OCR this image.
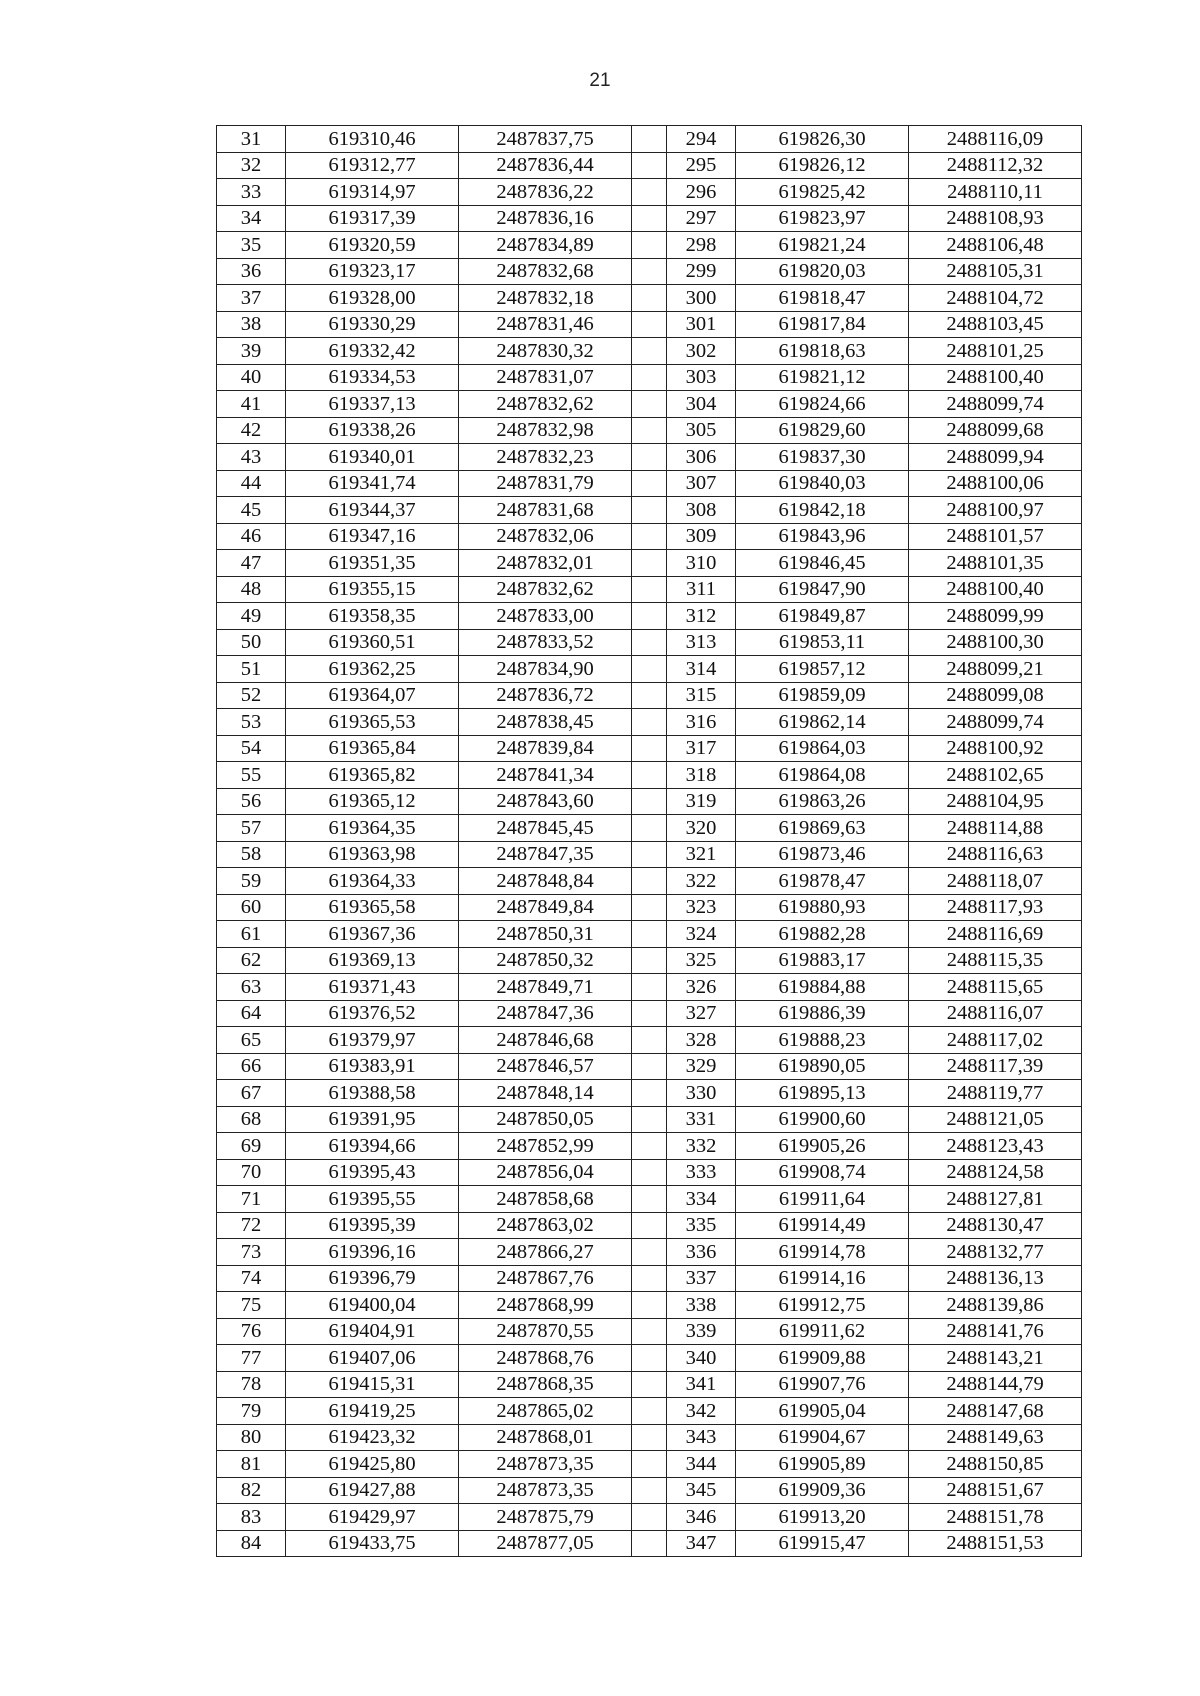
21
31	619310,46	2487837,75		294	619826,30	2488116,09
32	619312,77	2487836,44		295	619826,12	2488112,32
33	619314,97	2487836,22		296	619825,42	2488110,11
34	619317,39	2487836,16		297	619823,97	2488108,93
35	619320,59	2487834,89		298	619821,24	2488106,48
36	619323,17	2487832,68		299	619820,03	2488105,31
37	619328,00	2487832,18		300	619818,47	2488104,72
38	619330,29	2487831,46		301	619817,84	2488103,45
39	619332,42	2487830,32		302	619818,63	2488101,25
40	619334,53	2487831,07		303	619821,12	2488100,40
41	619337,13	2487832,62		304	619824,66	2488099,74
42	619338,26	2487832,98		305	619829,60	2488099,68
43	619340,01	2487832,23		306	619837,30	2488099,94
44	619341,74	2487831,79		307	619840,03	2488100,06
45	619344,37	2487831,68		308	619842,18	2488100,97
46	619347,16	2487832,06		309	619843,96	2488101,57
47	619351,35	2487832,01		310	619846,45	2488101,35
48	619355,15	2487832,62		311	619847,90	2488100,40
49	619358,35	2487833,00		312	619849,87	2488099,99
50	619360,51	2487833,52		313	619853,11	2488100,30
51	619362,25	2487834,90		314	619857,12	2488099,21
52	619364,07	2487836,72		315	619859,09	2488099,08
53	619365,53	2487838,45		316	619862,14	2488099,74
54	619365,84	2487839,84		317	619864,03	2488100,92
55	619365,82	2487841,34		318	619864,08	2488102,65
56	619365,12	2487843,60		319	619863,26	2488104,95
57	619364,35	2487845,45		320	619869,63	2488114,88
58	619363,98	2487847,35		321	619873,46	2488116,63
59	619364,33	2487848,84		322	619878,47	2488118,07
60	619365,58	2487849,84		323	619880,93	2488117,93
61	619367,36	2487850,31		324	619882,28	2488116,69
62	619369,13	2487850,32		325	619883,17	2488115,35
63	619371,43	2487849,71		326	619884,88	2488115,65
64	619376,52	2487847,36		327	619886,39	2488116,07
65	619379,97	2487846,68		328	619888,23	2488117,02
66	619383,91	2487846,57		329	619890,05	2488117,39
67	619388,58	2487848,14		330	619895,13	2488119,77
68	619391,95	2487850,05		331	619900,60	2488121,05
69	619394,66	2487852,99		332	619905,26	2488123,43
70	619395,43	2487856,04		333	619908,74	2488124,58
71	619395,55	2487858,68		334	619911,64	2488127,81
72	619395,39	2487863,02		335	619914,49	2488130,47
73	619396,16	2487866,27		336	619914,78	2488132,77
74	619396,79	2487867,76		337	619914,16	2488136,13
75	619400,04	2487868,99		338	619912,75	2488139,86
76	619404,91	2487870,55		339	619911,62	2488141,76
77	619407,06	2487868,76		340	619909,88	2488143,21
78	619415,31	2487868,35		341	619907,76	2488144,79
79	619419,25	2487865,02		342	619905,04	2488147,68
80	619423,32	2487868,01		343	619904,67	2488149,63
81	619425,80	2487873,35		344	619905,89	2488150,85
82	619427,88	2487873,35		345	619909,36	2488151,67
83	619429,97	2487875,79		346	619913,20	2488151,78
84	619433,75	2487877,05		347	619915,47	2488151,53
